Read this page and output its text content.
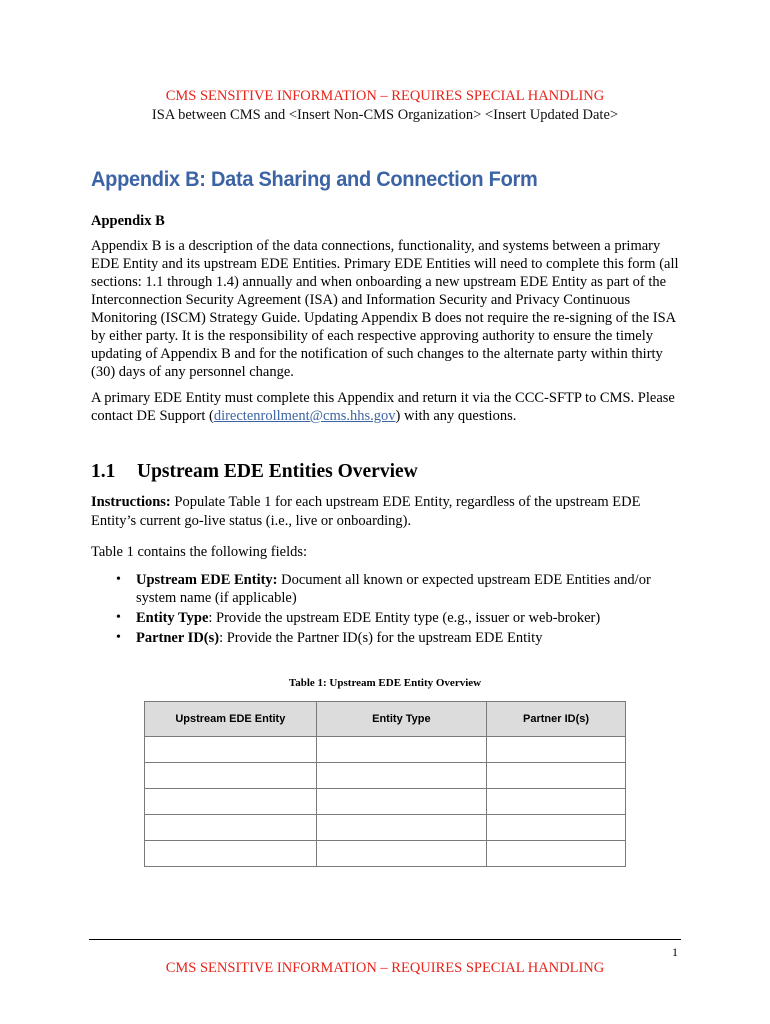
CMS SENSITIVE INFORMATION – REQUIRES SPECIAL HANDLING
ISA between CMS and <Insert Non-CMS Organization> <Insert Updated Date>
Appendix B: Data Sharing and Connection Form
Appendix B

Appendix B is a description of the data connections, functionality, and systems between a primary EDE Entity and its upstream EDE Entities. Primary EDE Entities will need to complete this form (all sections: 1.1 through 1.4) annually and when onboarding a new upstream EDE Entity as part of the Interconnection Security Agreement (ISA) and Information Security and Privacy Continuous Monitoring (ISCM) Strategy Guide. Updating Appendix B does not require the re-signing of the ISA by either party. It is the responsibility of each respective approving authority to ensure the timely updating of Appendix B and for the notification of such changes to the alternate party within thirty (30) days of any personnel change.

A primary EDE Entity must complete this Appendix and return it via the CCC-SFTP to CMS. Please contact DE Support (directenrollment@cms.hhs.gov) with any questions.

1.1 Upstream EDE Entities Overview

Instructions: Populate Table 1 for each upstream EDE Entity, regardless of the upstream EDE Entity’s current go-live status (i.e., live or onboarding).

Table 1 contains the following fields:

• Upstream EDE Entity: Document all known or expected upstream EDE Entities and/or system name (if applicable)
• Entity Type: Provide the upstream EDE Entity type (e.g., issuer or web-broker)
• Partner ID(s): Provide the Partner ID(s) for the upstream EDE Entity
Table 1: Upstream EDE Entity Overview
Upstream EDE Entity	Entity Type	Partner ID(s)

1
CMS SENSITIVE INFORMATION – REQUIRES SPECIAL HANDLING
